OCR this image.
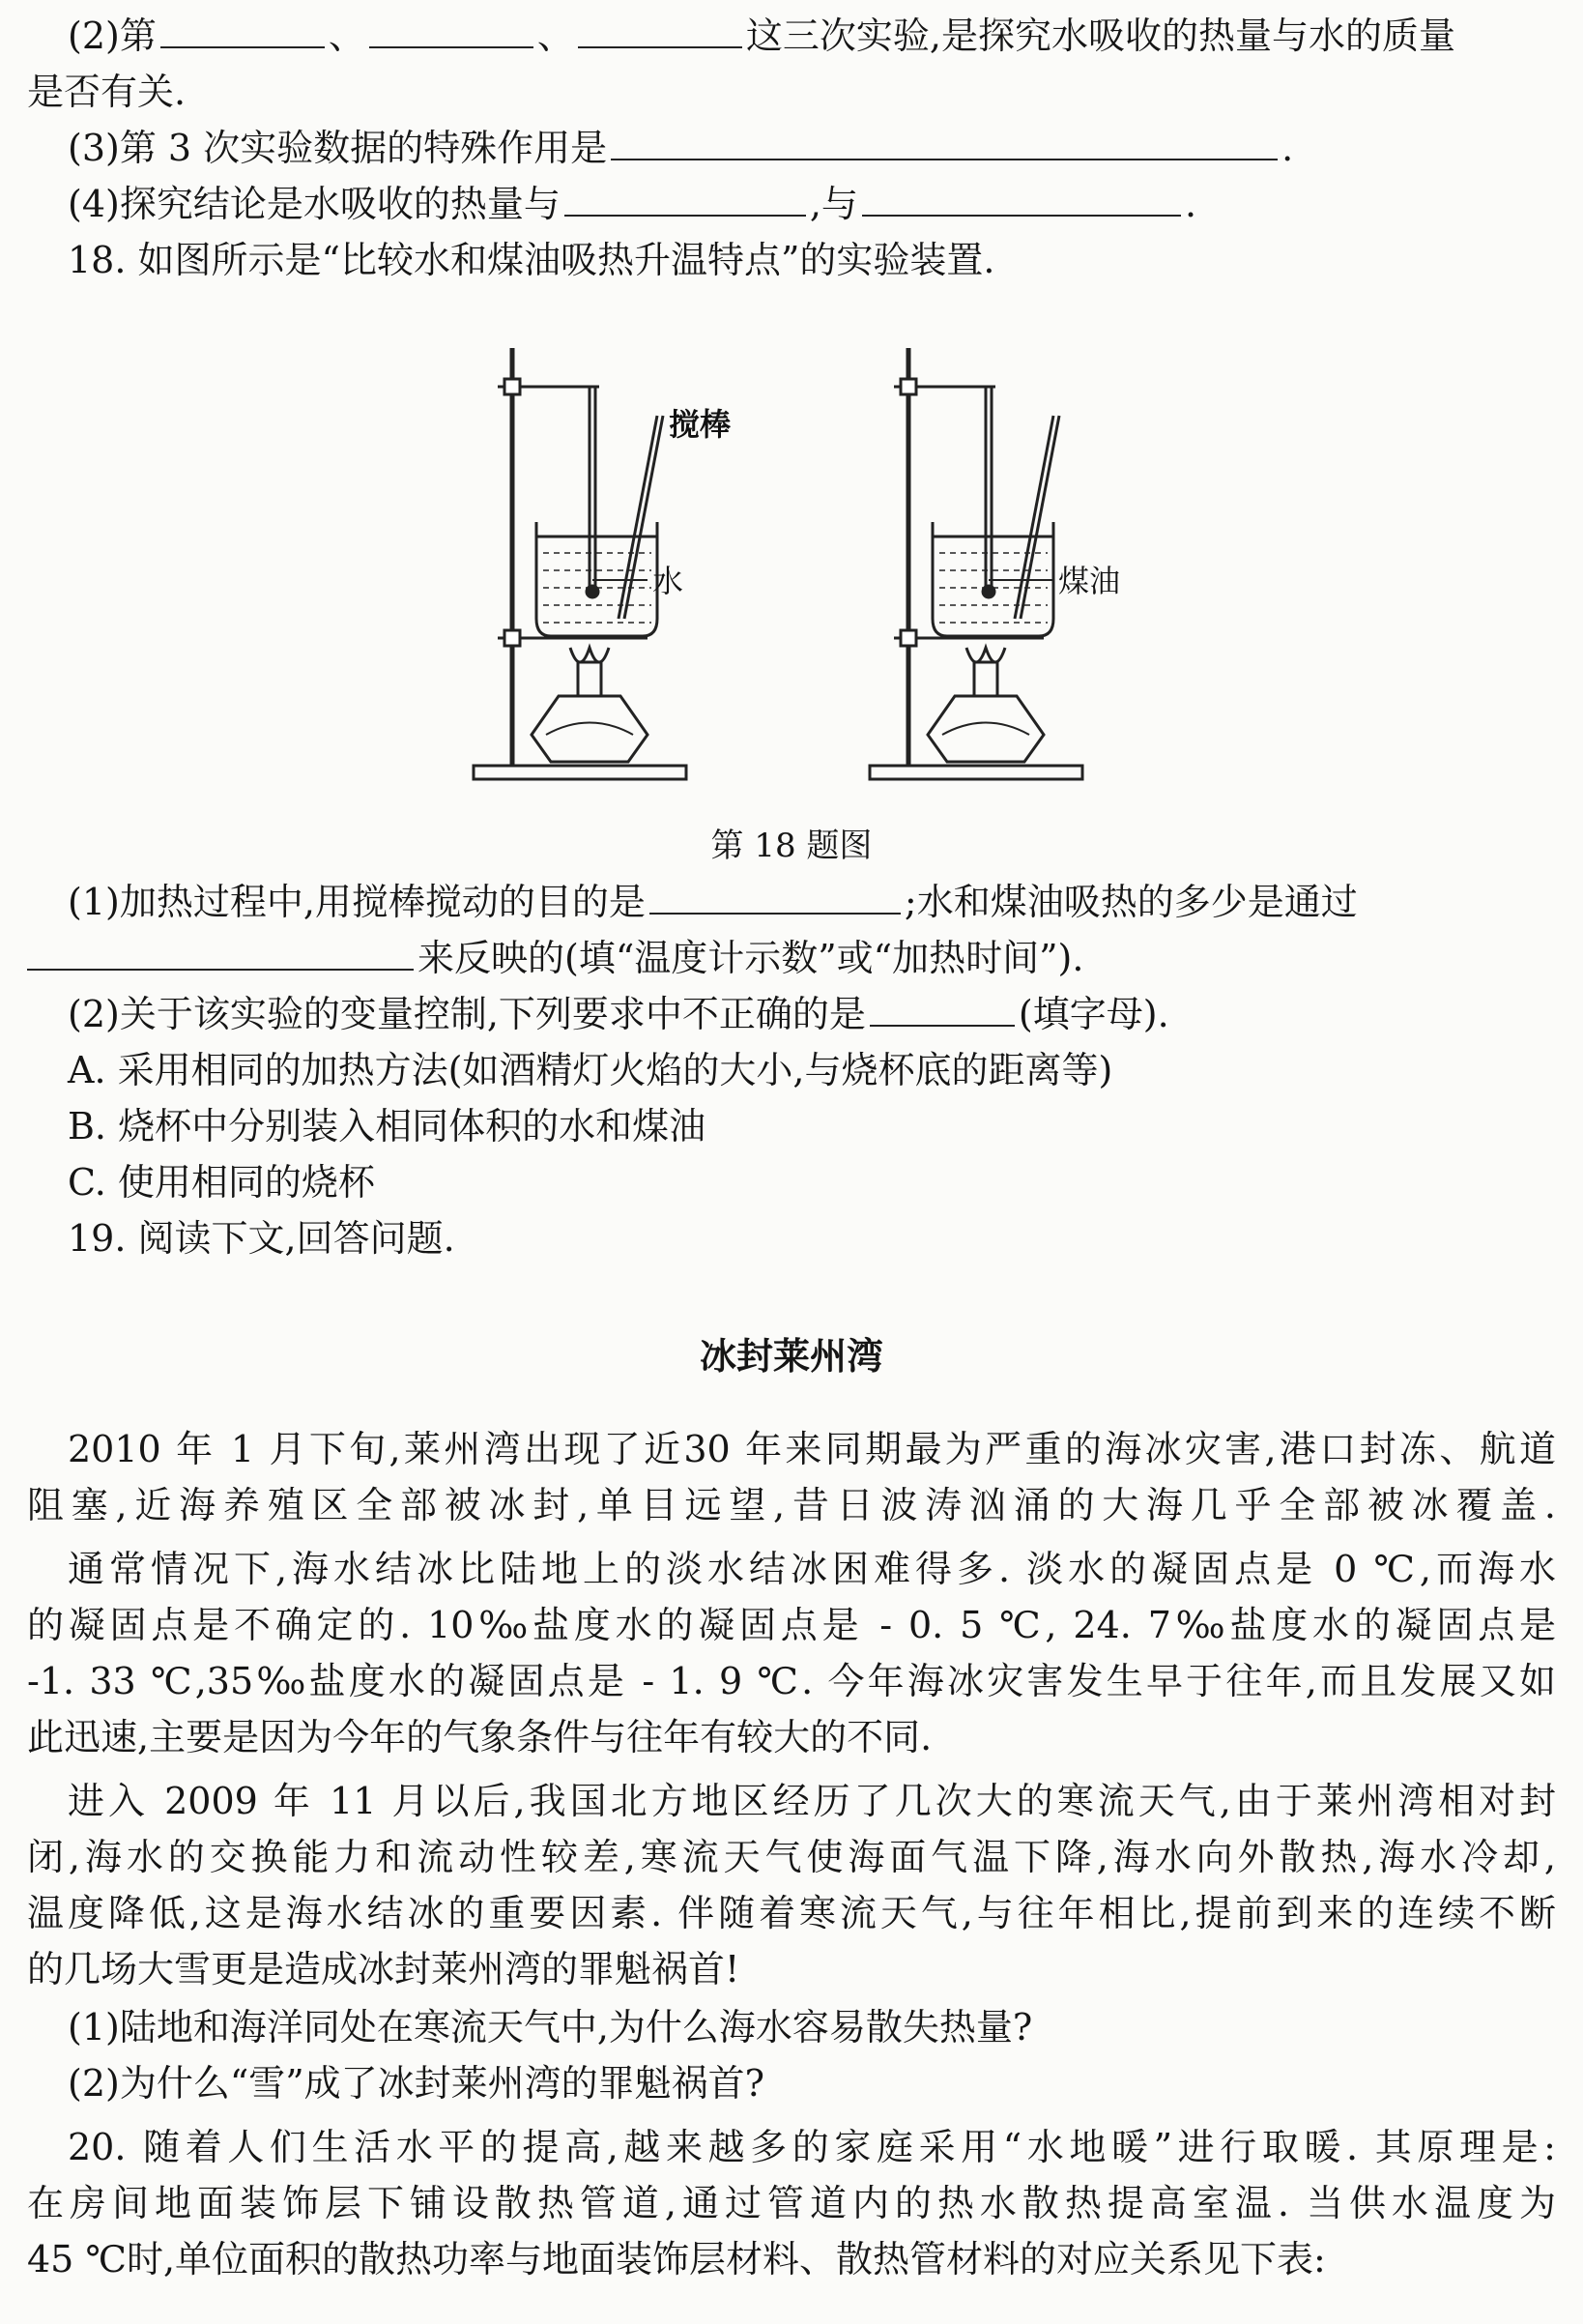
(2)第	、	、	这三次实验,是探究水吸收的热量与水的质量
是否有关.
(3)第 3 次实验数据的特殊作用是	.
(4)探究结论是水吸收的热量与	,与	.
18. 如图所示是“比较水和煤油吸热升温特点”的实验装置.
搅棒
水	煤油
第 18 题图
(1)加热过程中,用搅棒搅动的目的是	;水和煤油吸热的多少是通过
来反映的(填“温度计示数”或“加热时间”).
(2)关于该实验的变量控制,下列要求中不正确的是	(填字母).
A. 采用相同的加热方法(如酒精灯火焰的大小,与烧杯底的距离等)
B. 烧杯中分别装入相同体积的水和煤油
C. 使用相同的烧杯
19. 阅读下文,回答问题.
冰封莱州湾
2010 年 1 月下旬,莱州湾出现了近30 年来同期最为严重的海冰灾害,港口封冻、航道
阻塞,近海养殖区全部被冰封,单目远望,昔日波涛汹涌的大海几乎全部被冰覆盖.
通常情况下,海水结冰比陆地上的淡水结冰困难得多. 淡水的凝固点是 0 ℃,而海水
的凝固点是不确定的. 10‰盐度水的凝固点是 - 0. 5 ℃, 24. 7‰盐度水的凝固点是
-1. 33 ℃,35‰盐度水的凝固点是 - 1. 9 ℃. 今年海冰灾害发生早于往年,而且发展又如
此迅速,主要是因为今年的气象条件与往年有较大的不同.
进入 2009 年 11 月以后,我国北方地区经历了几次大的寒流天气,由于莱州湾相对封
闭,海水的交换能力和流动性较差,寒流天气使海面气温下降,海水向外散热,海水冷却,
温度降低,这是海水结冰的重要因素. 伴随着寒流天气,与往年相比,提前到来的连续不断
的几场大雪更是造成冰封莱州湾的罪魁祸首!
(1)陆地和海洋同处在寒流天气中,为什么海水容易散失热量?
(2)为什么“雪”成了冰封莱州湾的罪魁祸首?
20. 随着人们生活水平的提高,越来越多的家庭采用“水地暖”进行取暖. 其原理是:
在房间地面装饰层下铺设散热管道,通过管道内的热水散热提高室温. 当供水温度为
45 ℃时,单位面积的散热功率与地面装饰层材料、散热管材料的对应关系见下表:
